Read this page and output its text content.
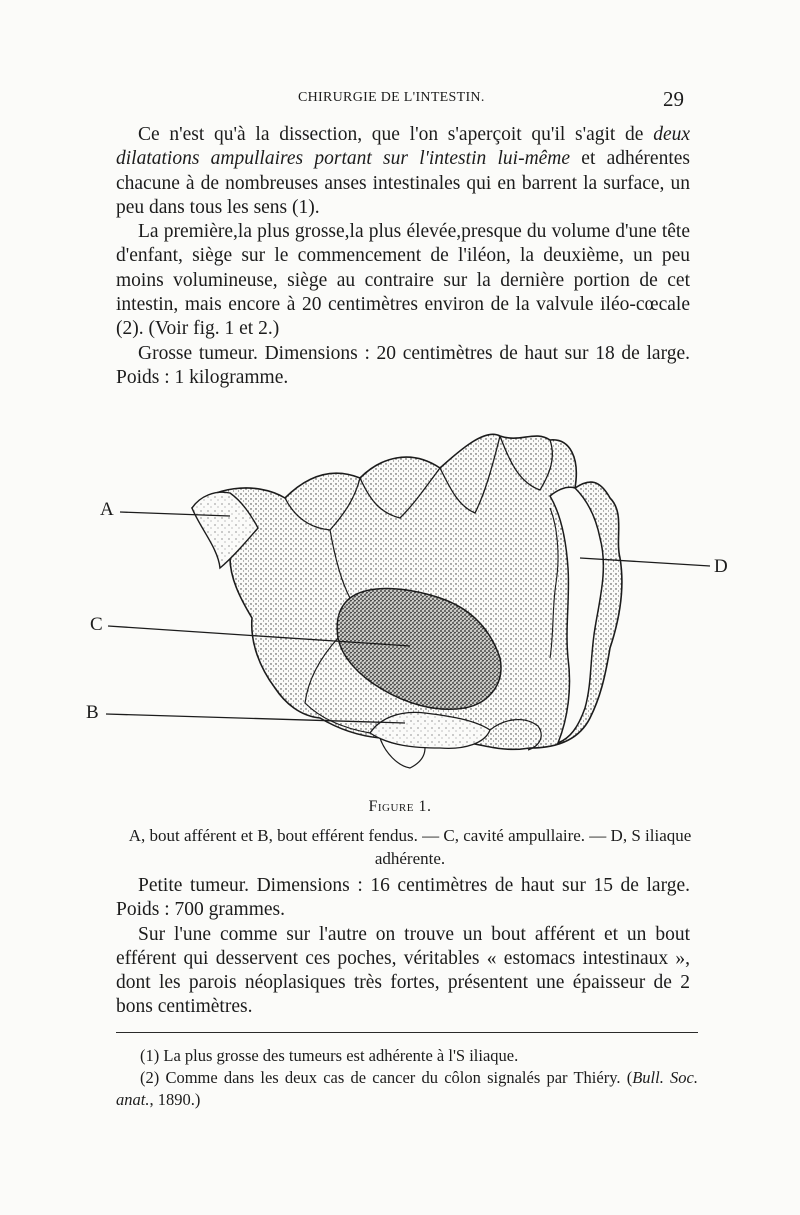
CHIRURGIE DE L'INTESTIN.	29

Ce n'est qu'à la dissection, que l'on s'aperçoit qu'il s'agit de deux dilatations ampullaires portant sur l'intestin lui-même et adhérentes chacune à de nombreuses anses intestinales qui en barrent la surface, un peu dans tous les sens (1).

La première,la plus grosse,la plus élevée,presque du volume d'une tête d'enfant, siège sur le commencement de l'iléon, la deuxième, un peu moins volumineuse, siège au contraire sur la dernière portion de cet intestin, mais encore à 20 centimètres environ de la valvule iléo-cœcale (2). (Voir fig. 1 et 2.)

Grosse tumeur. Dimensions : 20 centimètres de haut sur 18 de large. Poids : 1 kilogramme.

A
C
B
D
Figure 1.
A, bout afférent et B, bout efférent fendus. — C, cavité ampullaire. — D, S iliaque adhérente.

Petite tumeur. Dimensions : 16 centimètres de haut sur 15 de large. Poids : 700 grammes.

Sur l'une comme sur l'autre on trouve un bout afférent et un bout efférent qui desservent ces poches, véritables « estomacs intestinaux », dont les parois néoplasiques très fortes, présentent une épaisseur de 2 bons centimètres.

(1) La plus grosse des tumeurs est adhérente à l'S iliaque.

(2) Comme dans les deux cas de cancer du côlon signalés par Thiéry. (Bull. Soc. anat., 1890.)
